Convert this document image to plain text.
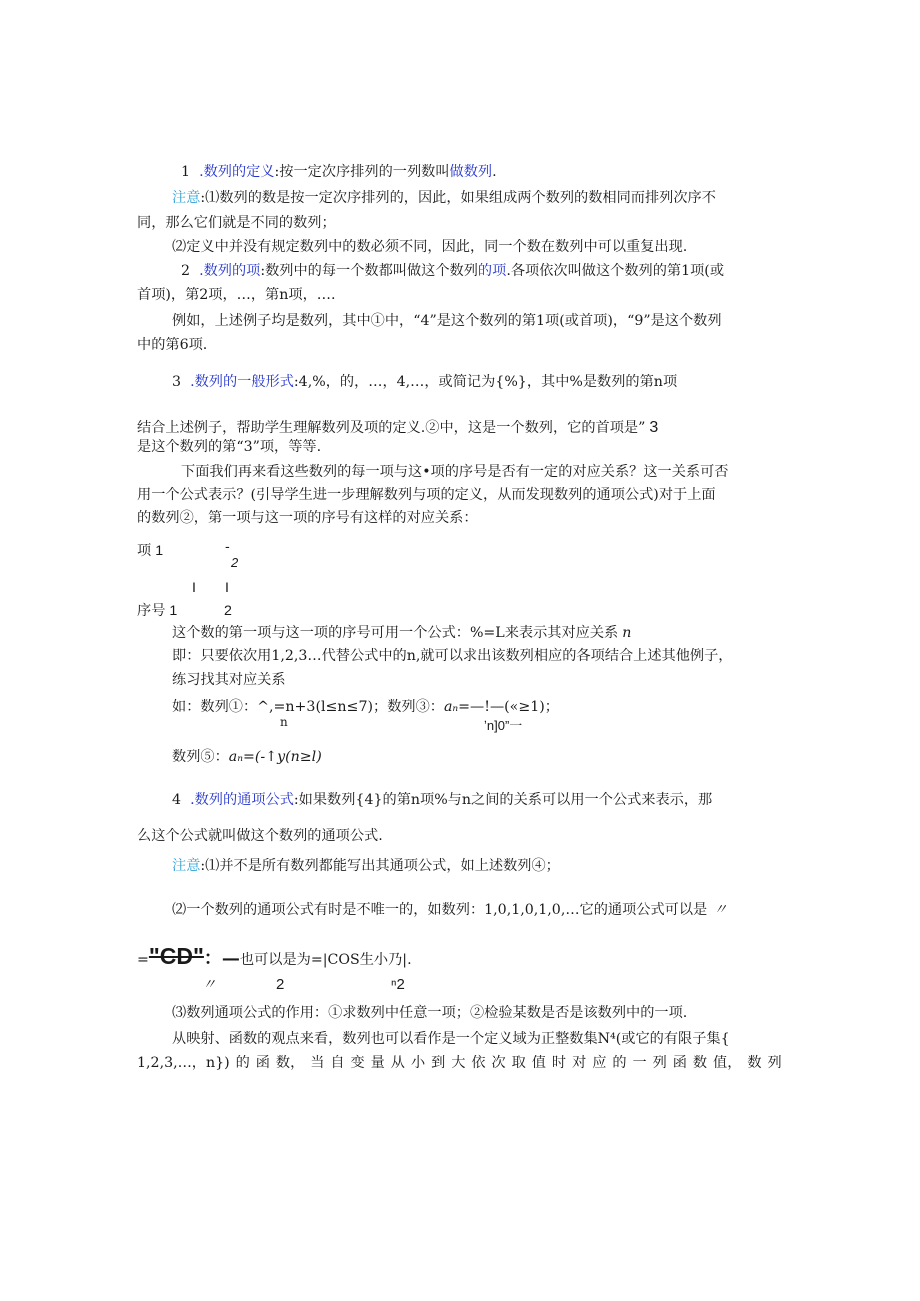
1 .数列的定义:按一定次序排列的一列数叫做数列.
注意:⑴数列的数是按一定次序排列的，因此，如果组成两个数列的数相同而排列次序不
同，那么它们就是不同的数列；
⑵定义中并没有规定数列中的数必须不同，因此，同一个数在数列中可以重复出现.
2 .数列的项:数列中的每一个数都叫做这个数列的项.各项依次叫做这个数列的第1项(或
首项)，第2项，…，第n项，….
例如，上述例子均是数列，其中①中，“4”是这个数列的第1项(或首项)，“9”是这个数列
中的第6项.
3 .数列的一般形式:4,%，的，…，4,…，或简记为{%}，其中%是数列的第n项
结合上述例子，帮助学生理解数列及项的定义.②中，这是一个数列，它的首项是” 3
是这个数列的第“3”项，等等.
下面我们再来看这些数列的每一项与这•项的序号是否有一定的对应关系？这一关系可否
用一个公式表示？(引导学生进一步理解数列与项的定义，从而发现数列的通项公式)对于上面
的数列②，第一项与这一项的序号有这样的对应关系：
项 1	-
2
I I
序号 1	2
这个数的第一项与这一项的序号可用一个公式：%=L来表示其对应关系 n
即：只要依次用1,2,3…代替公式中的n,就可以求出该数列相应的各项结合上述其他例子，
练习找其对应关系
如：数列①：^,=n+3(l≤n≤7)；数列③：aₙ=—!—(«≥1)；
n	ʼn]0”一
数列⑤：aₙ=(-↑y(n≥l)
4 .数列的通项公式:如果数列{4}的第n项%与n之间的关系可以用一个公式来表示，那
么这个公式就叫做这个数列的通项公式.
注意:⑴并不是所有数列都能写出其通项公式，如上述数列④；
⑵一个数列的通项公式有时是不唯一的，如数列：1,0,1,0,1,0,…它的通项公式可以是 〃
="CD"：—也可以是为=|COS生小乃|.
〃	2	ⁿ2
⑶数列通项公式的作用：①求数列中任意一项；②检验某数是否是该数列中的一项.
从映射、函数的观点来看，数列也可以看作是一个定义域为正整数集N⁴(或它的有限子集{
1,2,3,…，n}) 的 函 数， 当 自 变 量 从 小 到 大 依 次 取 值 时 对 应 的 一 列 函 数 值， 数 列
